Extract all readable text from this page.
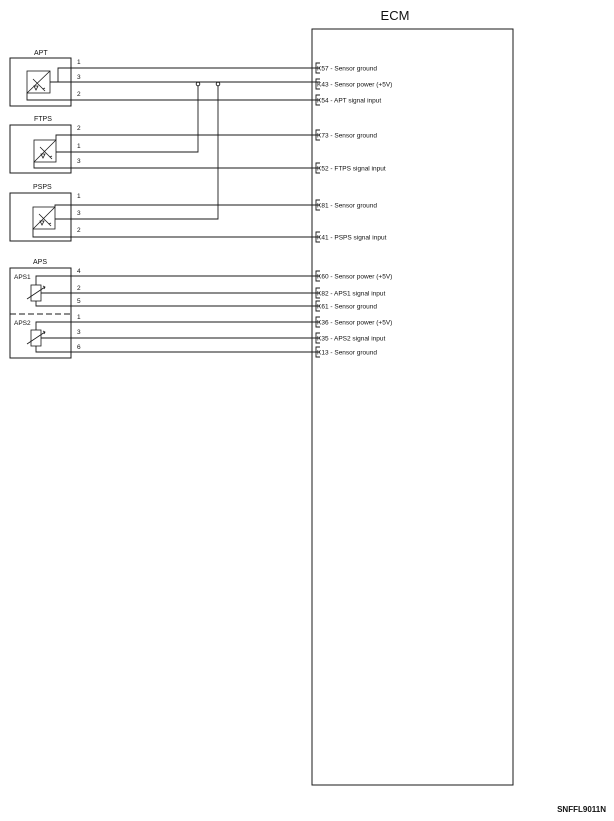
ECM
APT
1
3
2
FTPS
2
1
3
PSPS
1
3
2
APS
APS1
4
2
5
APS2
1
3
6
K57 - Sensor ground
K43 - Sensor power (+5V)
K54 - APT signal input
K73 - Sensor ground
K52 - FTPS signal input
K81 - Sensor ground
K41 - PSPS signal input
K60 - Sensor power (+5V)
K82 - APS1 signal input
K61 - Sensor ground
K36 - Sensor power (+5V)
K35 - APS2 signal input
K13 - Sensor ground
SNFFL9011N
